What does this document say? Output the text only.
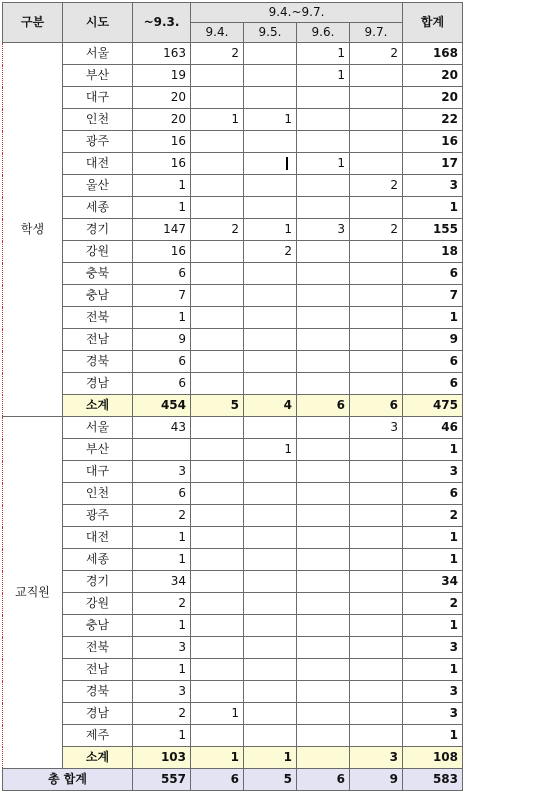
구분	시도	~9.3.	9.4.~9.7.				합계
			9.4.	9.5.	9.6.	9.7.	
학생	서울	163	2		1	2	168
	부산	19			1		20
	대구	20					20
	인천	20	1	1			22
	광주	16					16
	대전	16			1		17
	울산	1				2	3
	세종	1					1
	경기	147	2	1	3	2	155
	강원	16		2			18
	충북	6					6
	충남	7					7
	전북	1					1
	전남	9					9
	경북	6					6
	경남	6					6
	소계	454	5	4	6	6	475
교직원	서울	43				3	46
	부산			1			1
	대구	3					3
	인천	6					6
	광주	2					2
	대전	1					1
	세종	1					1
	경기	34					34
	강원	2					2
	충남	1					1
	전북	3					3
	전남	1					1
	경북	3					3
	경남	2	1				3
	제주	1					1
	소계	103	1	1		3	108
총 합계		557	6	5	6	9	583
